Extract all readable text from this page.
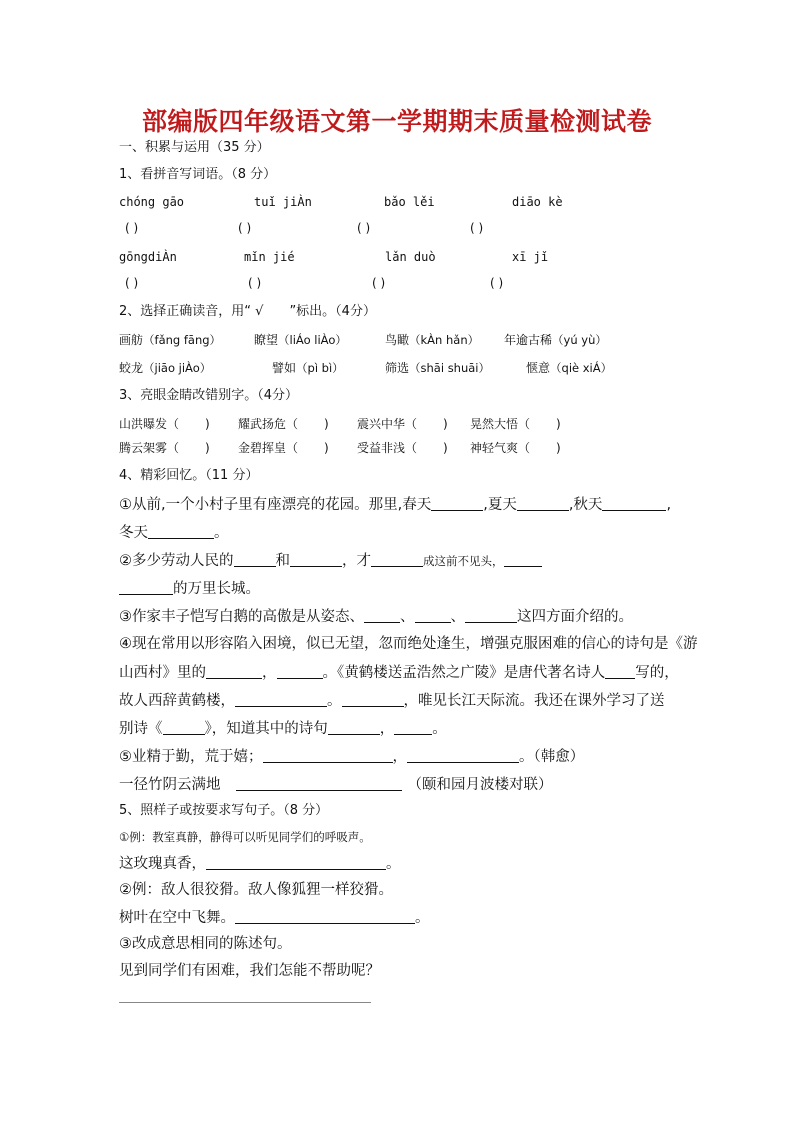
部编版四年级语文第一学期期末质量检测试卷
一、积累与运用（35 分）
1、看拼音写词语。（8 分）
chóng gāo	tuǐ jiÀn	bǎo lěi	diāo kè
( )	( )	( )	( )
gōngdiÀn	mǐn jié	lǎn duò	xī jǐ
( )	( )	( )	( )
2、选择正确读音，用“ √ ”标出。（4分）
画舫（fǎng fāng）	瞭望（liÁo liÀo）	鸟瞰（kÀn hǎn） 年逾古稀（yú yù）
蛟龙（jiāo jiÀo）	譬如（pì bì）	筛选（shāi shuāi）	惬意（qiè xiÁ）
3、亮眼金睛改错别字。（4分）
山洪曝发（ ) 耀武扬危（ ) 震兴中华（ ) 晃然大悟（ )
腾云架雾（ ) 金碧挥皇（ ) 受益非浅（ ) 神轻气爽（ )
4、精彩回忆。（11 分）
①从前,一个小村子里有座漂亮的花园。那里,春天	,夏天	,秋天	,
冬天	。
②多少劳动人民的	和	，才	成这前不见头，
的万里长城。
③作家丰子恺写白鹅的高傲是从姿态、 、 、	这四方面介绍的。
④现在常用以形容陷入困境，似已无望，忽而绝处逢生，增强克服困难的信心的诗句是《游
山西村》里的	，	。《黄鹤楼送孟浩然之广陵》是唐代著名诗人 写的，
故人西辞黄鹤楼，	。	，唯见长江天际流。我还在课外学习了送
别诗《	》，知道其中的诗句	，	。
⑤业精于勤，荒于嬉；	，	。（韩愈）
一径竹阴云满地	（颐和园月波楼对联）
5、照样子或按要求写句子。（8 分）
①例：教室真静，静得可以听见同学们的呼吸声。
这玫瑰真香，	。
②例：敌人很狡猾。敌人像狐狸一样狡猾。
树叶在空中飞舞。	。
③改成意思相同的陈述句。
见到同学们有困难，我们怎能不帮助呢？
